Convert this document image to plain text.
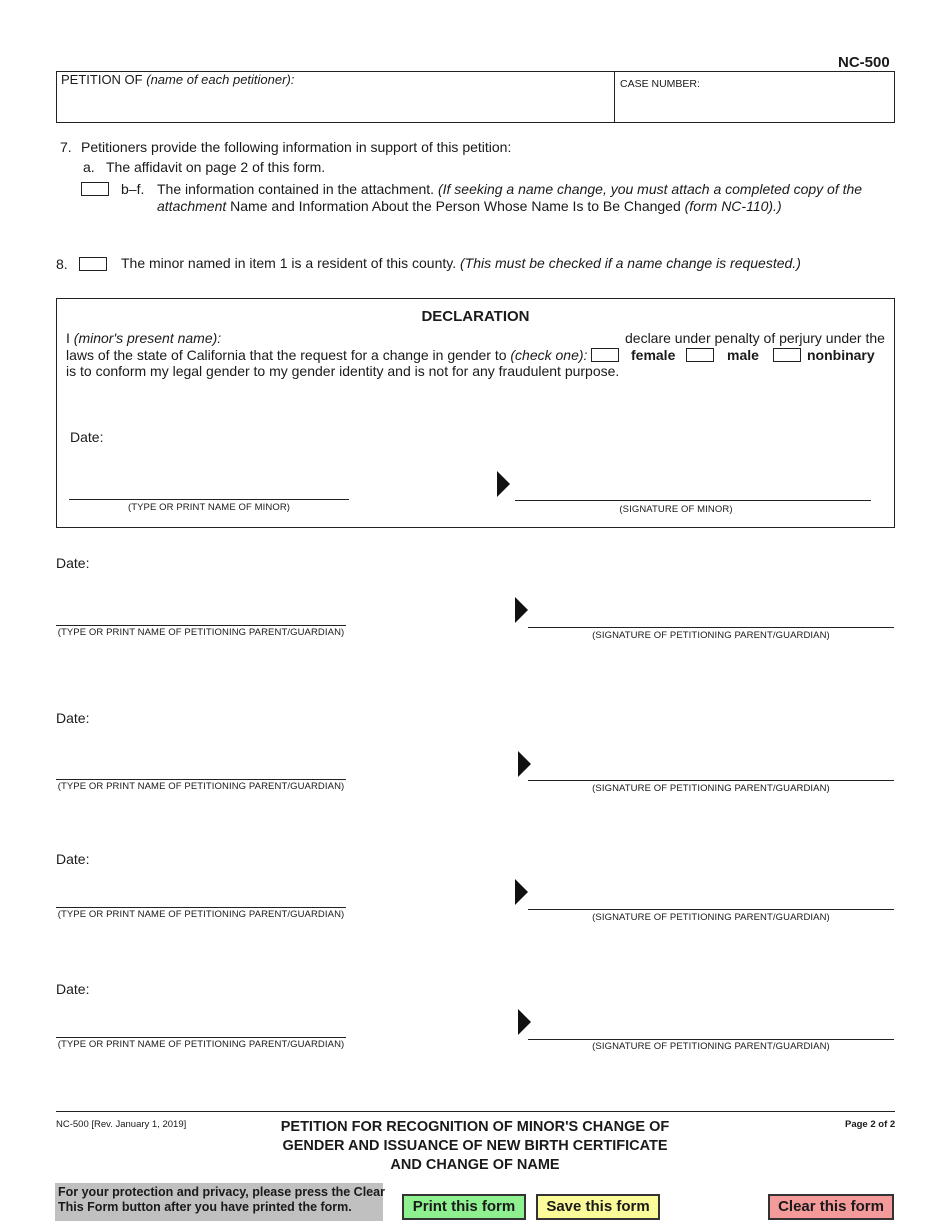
NC-500
PETITION OF (name of each petitioner):	CASE NUMBER:
7. Petitioners provide the following information in support of this petition:
a. The affidavit on page 2 of this form.
b–f. The information contained in the attachment. (If seeking a name change, you must attach a completed copy of the
attachment Name and Information About the Person Whose Name Is to Be Changed (form NC-110).)
8.	The minor named in item 1 is a resident of this county. (This must be checked if a name change is requested.)
DECLARATION
I (minor's present name):	declare under penalty of perjury under the
laws of the state of California that the request for a change in gender to (check one):	female	male	nonbinary
is to conform my legal gender to my gender identity and is not for any fraudulent purpose.
Date:
(TYPE OR PRINT NAME OF MINOR)	(SIGNATURE OF MINOR)
Date:
(TYPE OR PRINT NAME OF PETITIONING PARENT/GUARDIAN)	(SIGNATURE OF PETITIONING PARENT/GUARDIAN)
Date:
(TYPE OR PRINT NAME OF PETITIONING PARENT/GUARDIAN)	(SIGNATURE OF PETITIONING PARENT/GUARDIAN)
Date:
(TYPE OR PRINT NAME OF PETITIONING PARENT/GUARDIAN)	(SIGNATURE OF PETITIONING PARENT/GUARDIAN)
Date:
(TYPE OR PRINT NAME OF PETITIONING PARENT/GUARDIAN)	(SIGNATURE OF PETITIONING PARENT/GUARDIAN)
NC-500 [Rev. January 1, 2019]	PETITION FOR RECOGNITION OF MINOR'S CHANGE OF
GENDER AND ISSUANCE OF NEW BIRTH CERTIFICATE
AND CHANGE OF NAME
Page 2 of 2
For your protection and privacy, please press the Clear
This Form button after you have printed the form.	Print this form	Save this form	Clear this form
